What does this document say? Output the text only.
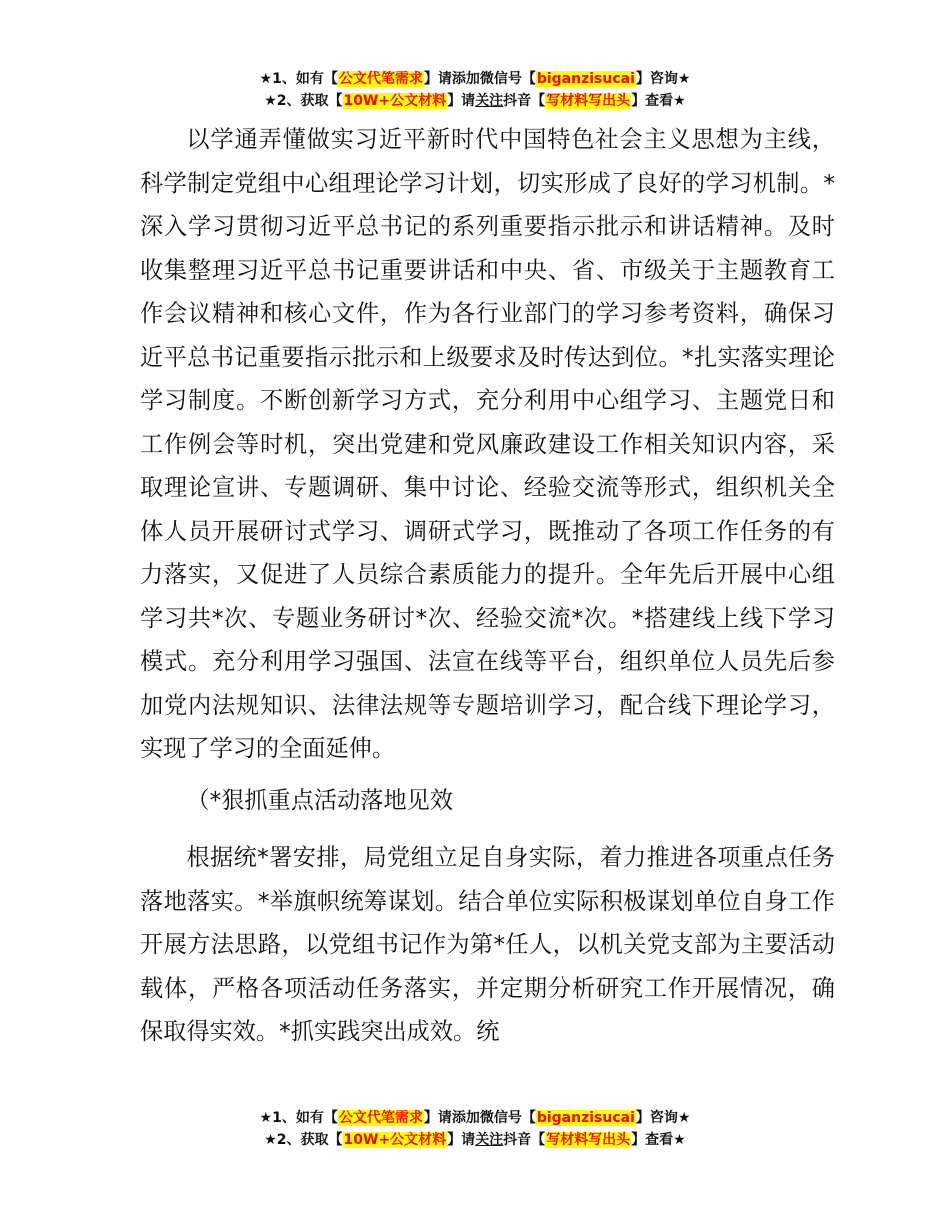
★1、如有【公文代笔需求】请添加微信号【biganzisucai】咨询★
★2、获取【10W+公文材料】请关注抖音【写材料写出头】查看★

以学通弄懂做实习近平新时代中国特色社会主义思想为主线，科学制定党组中心组理论学习计划，切实形成了良好的学习机制。*深入学习贯彻习近平总书记的系列重要指示批示和讲话精神。及时收集整理习近平总书记重要讲话和中央、省、市级关于主题教育工作会议精神和核心文件，作为各行业部门的学习参考资料，确保习近平总书记重要指示批示和上级要求及时传达到位。*扎实落实理论学习制度。不断创新学习方式，充分利用中心组学习、主题党日和工作例会等时机，突出党建和党风廉政建设工作相关知识内容，采取理论宣讲、专题调研、集中讨论、经验交流等形式，组织机关全体人员开展研讨式学习、调研式学习，既推动了各项工作任务的有力落实，又促进了人员综合素质能力的提升。全年先后开展中心组学习共*次、专题业务研讨*次、经验交流*次。*搭建线上线下学习模式。充分利用学习强国、法宣在线等平台，组织单位人员先后参加党内法规知识、法律法规等专题培训学习，配合线下理论学习，实现了学习的全面延伸。

（*狠抓重点活动落地见效

根据统*署安排，局党组立足自身实际，着力推进各项重点任务落地落实。*举旗帜统筹谋划。结合单位实际积极谋划单位自身工作开展方法思路，以党组书记作为第*任人，以机关党支部为主要活动载体，严格各项活动任务落实，并定期分析研究工作开展情况，确保取得实效。*抓实践突出成效。统

★1、如有【公文代笔需求】请添加微信号【biganzisucai】咨询★
★2、获取【10W+公文材料】请关注抖音【写材料写出头】查看★
